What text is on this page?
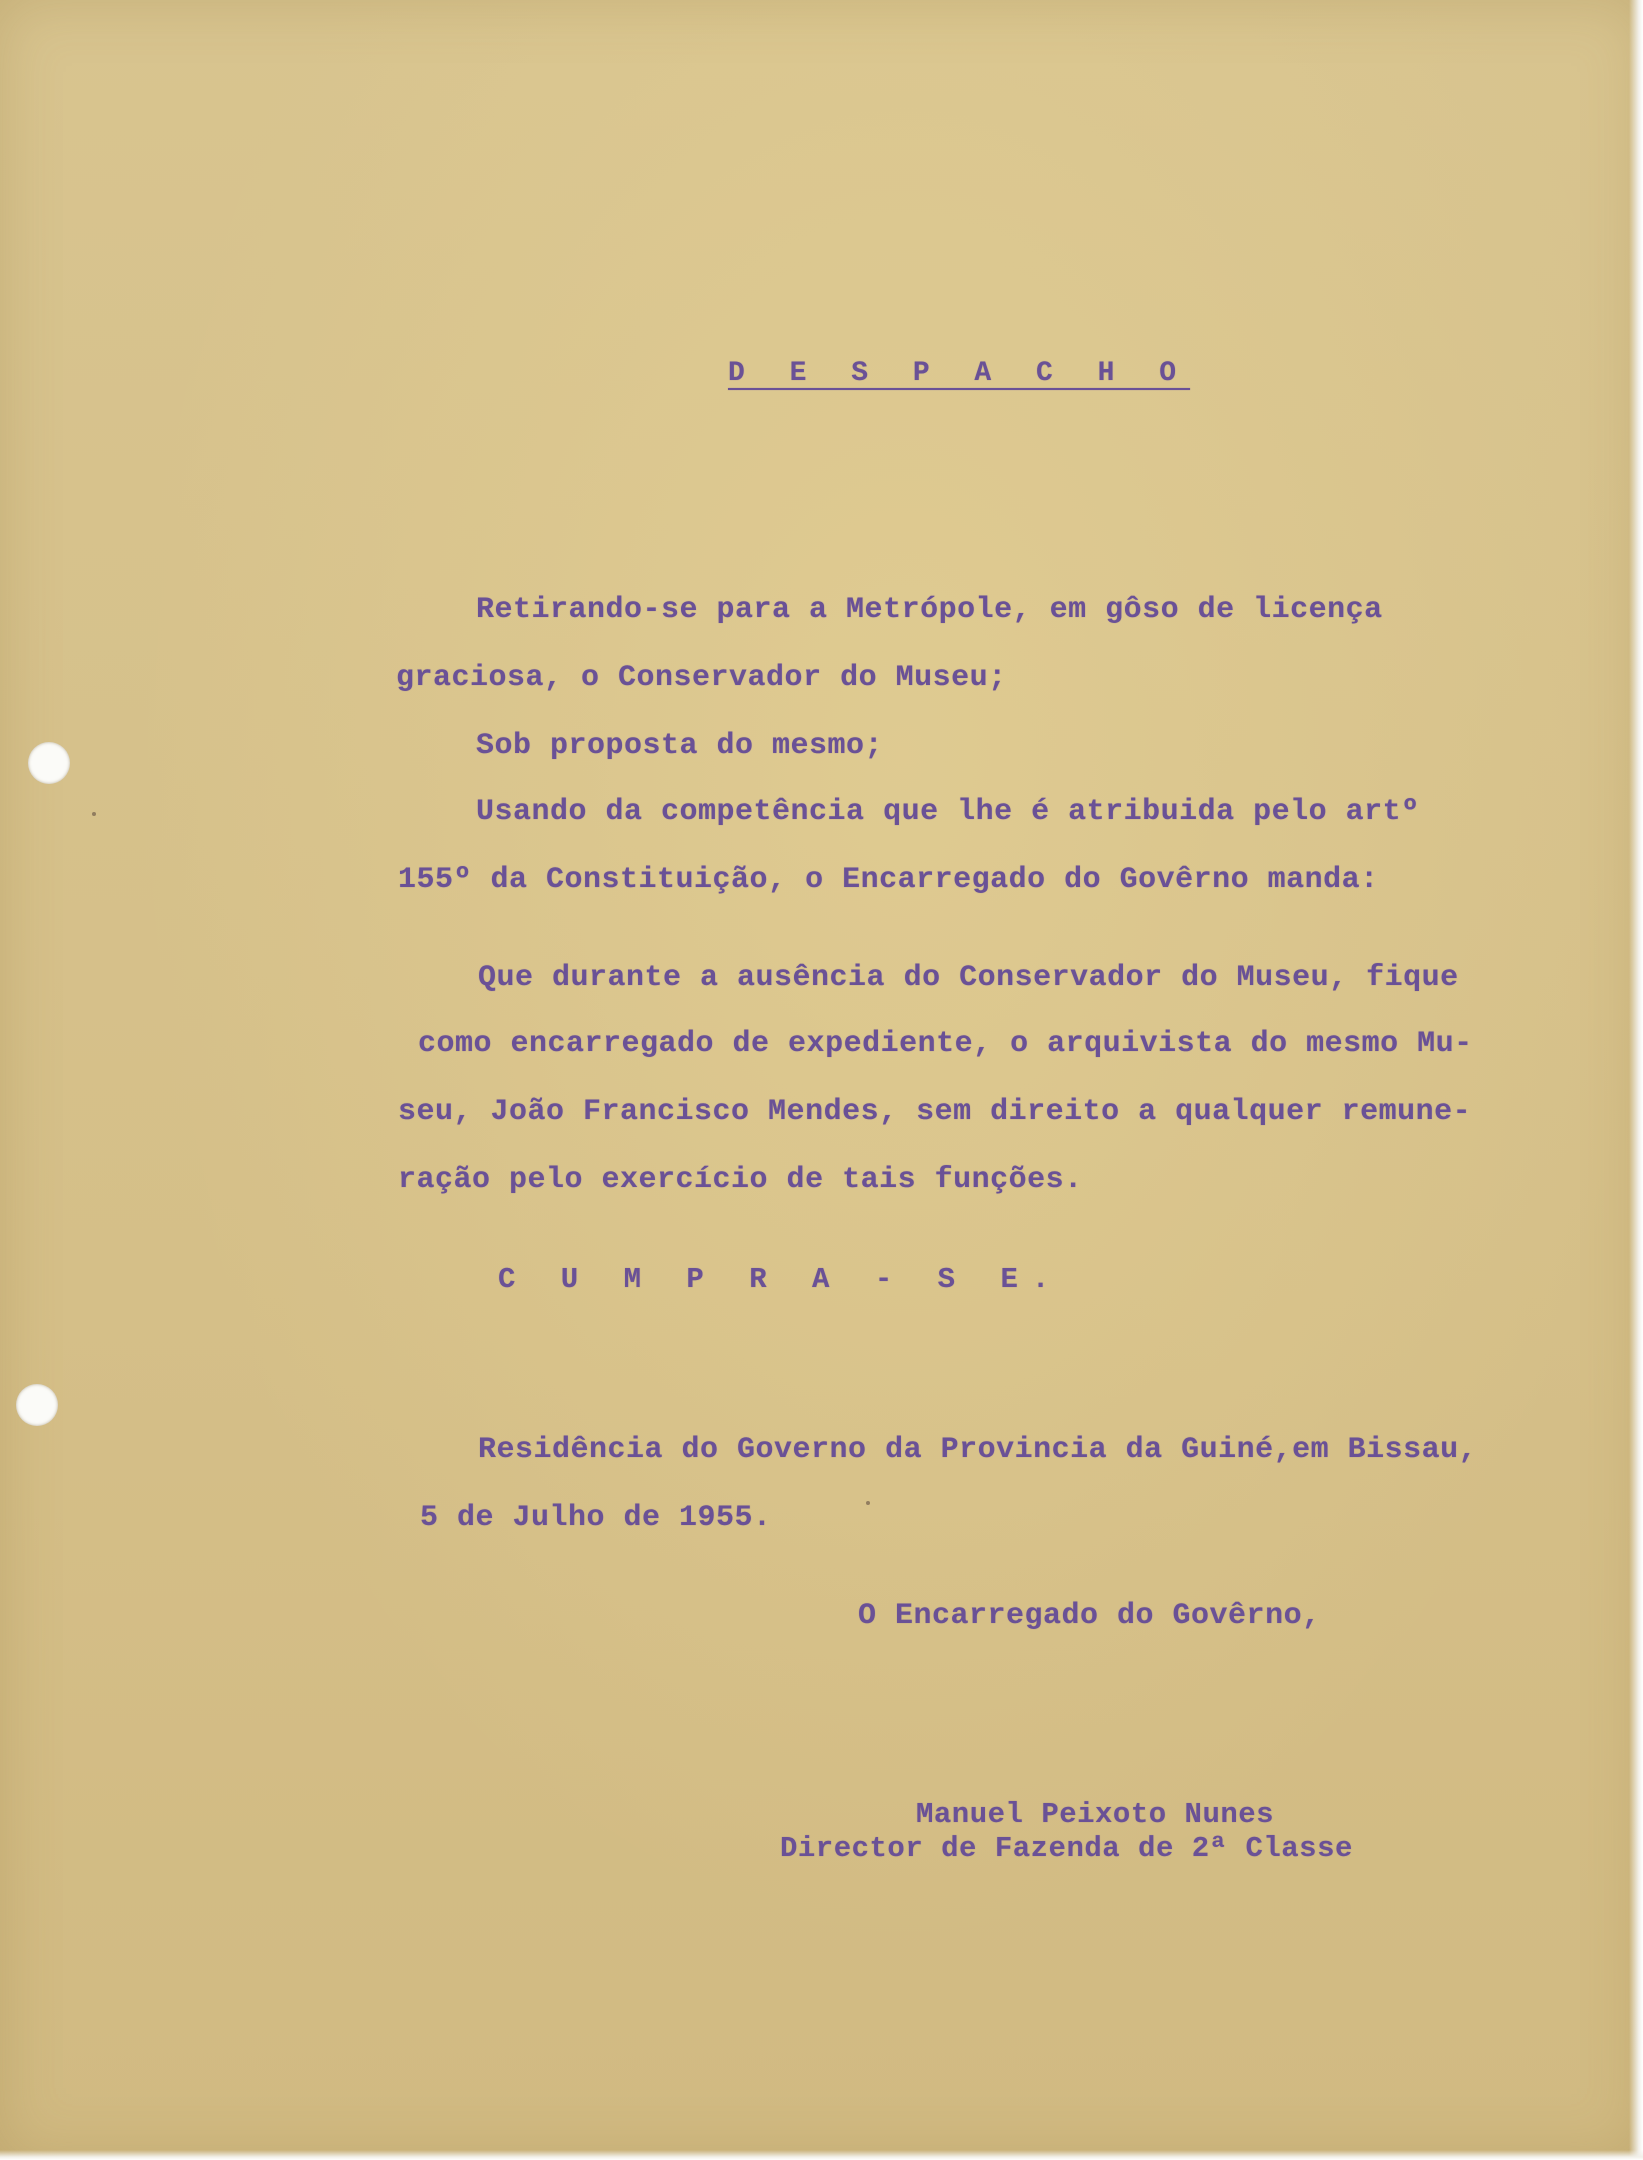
D E S P A C H O
Retirando-se para a Metrópole, em gôso de licença
graciosa, o Conservador do Museu;
Sob proposta do mesmo;
Usando da competência que lhe é atribuida pelo artº
155º da Constituição, o Encarregado do Govêrno manda:
Que durante a ausência do Conservador do Museu, fique
como encarregado de expediente, o arquivista do mesmo Mu-
seu, João Francisco Mendes, sem direito a qualquer remune-
ração pelo exercício de tais funções.
C U M P R A - S E.
Residência do Governo da Provincia da Guiné,em Bissau,
5 de Julho de 1955.
O Encarregado do Govêrno,
Manuel Peixoto Nunes
Director de Fazenda de 2ª Classe
